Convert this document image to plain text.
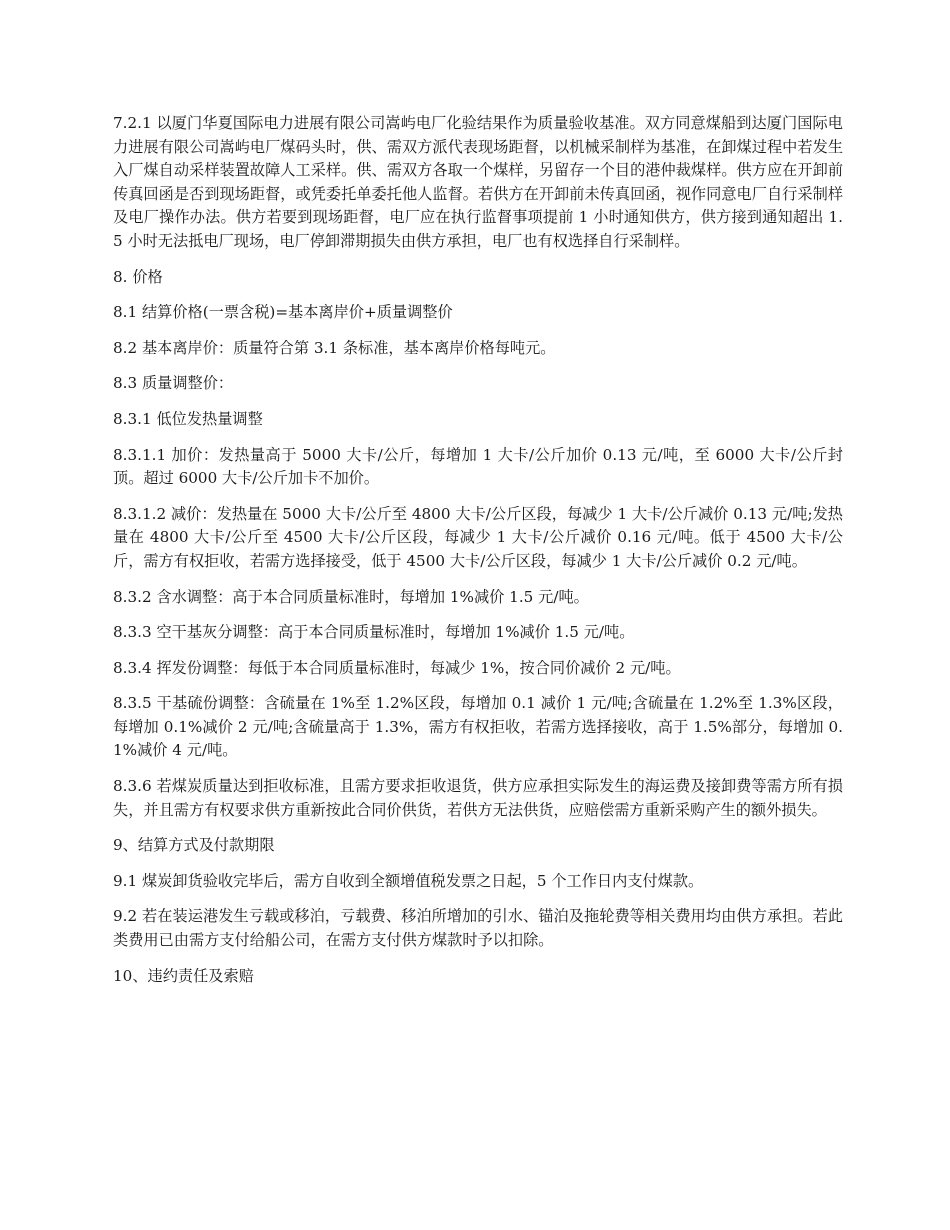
7.2.1 以厦门华夏国际电力进展有限公司嵩屿电厂化验结果作为质量验收基准。双方同意煤船到达厦门国际电力进展有限公司嵩屿电厂煤码头时，供、需双方派代表现场距督，以机械采制样为基准，在卸煤过程中若发生入厂煤自动采样装置故障人工采样。供、需双方各取一个煤样，另留存一个目的港仲裁煤样。供方应在开卸前传真回函是否到现场距督，或凭委托单委托他人监督。若供方在开卸前未传真回函，视作同意电厂自行采制样及电厂操作办法。供方若要到现场距督，电厂应在执行监督事项提前 1 小时通知供方，供方接到通知超出 1.5 小时无法抵电厂现场，电厂停卸滞期损失由供方承担，电厂也有权选择自行采制样。

8. 价格

8.1 结算价格(一票含税)=基本离岸价+质量调整价

8.2 基本离岸价：质量符合第 3.1 条标准，基本离岸价格每吨元。

8.3 质量调整价：

8.3.1 低位发热量调整

8.3.1.1 加价：发热量高于 5000 大卡/公斤，每增加 1 大卡/公斤加价 0.13 元/吨，至 6000 大卡/公斤封顶。超过 6000 大卡/公斤加卡不加价。

8.3.1.2 减价：发热量在 5000 大卡/公斤至 4800 大卡/公斤区段，每减少 1 大卡/公斤减价 0.13 元/吨;发热量在 4800 大卡/公斤至 4500 大卡/公斤区段，每减少 1 大卡/公斤减价 0.16 元/吨。低于 4500 大卡/公斤，需方有权拒收，若需方选择接受，低于 4500 大卡/公斤区段，每减少 1 大卡/公斤减价 0.2 元/吨。

8.3.2 含水调整：高于本合同质量标准时，每增加 1%减价 1.5 元/吨。

8.3.3 空干基灰分调整：高于本合同质量标准时，每增加 1%减价 1.5 元/吨。

8.3.4 挥发份调整：每低于本合同质量标准时，每减少 1%，按合同价减价 2 元/吨。

8.3.5 干基硫份调整：含硫量在 1%至 1.2%区段，每增加 0.1 减价 1 元/吨;含硫量在 1.2%至 1.3%区段，每增加 0.1%减价 2 元/吨;含硫量高于 1.3%，需方有权拒收，若需方选择接收，高于 1.5%部分，每增加 0.1%减价 4 元/吨。

8.3.6 若煤炭质量达到拒收标准，且需方要求拒收退货，供方应承担实际发生的海运费及接卸费等需方所有损失，并且需方有权要求供方重新按此合同价供货，若供方无法供货，应赔偿需方重新采购产生的额外损失。

9、结算方式及付款期限

9.1 煤炭卸货验收完毕后，需方自收到全额增值税发票之日起，5 个工作日内支付煤款。

9.2 若在装运港发生亏载或移泊，亏载费、移泊所增加的引水、锚泊及拖轮费等相关费用均由供方承担。若此类费用已由需方支付给船公司，在需方支付供方煤款时予以扣除。

10、违约责任及索赔
